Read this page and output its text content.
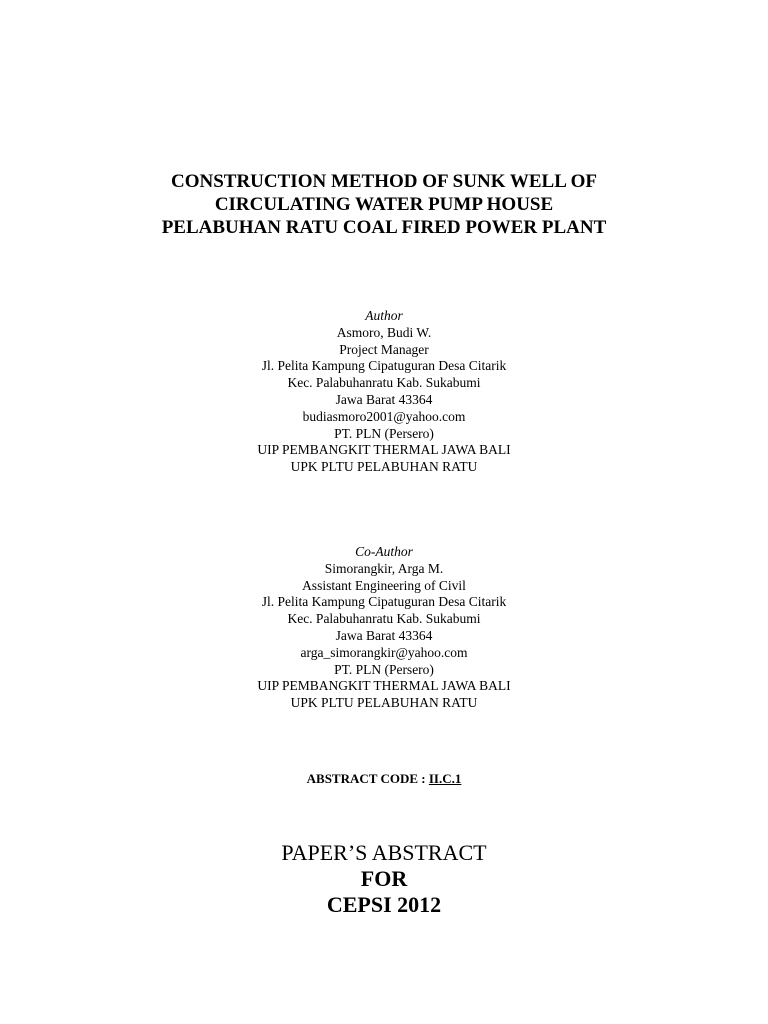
CONSTRUCTION METHOD OF SUNK WELL OF
CIRCULATING WATER PUMP HOUSE
PELABUHAN RATU COAL FIRED POWER PLANT
Author
Asmoro, Budi W.
Project Manager
Jl. Pelita Kampung Cipatuguran Desa Citarik
Kec. Palabuhanratu Kab. Sukabumi
Jawa Barat 43364
budiasmoro2001@yahoo.com
PT. PLN (Persero)
UIP PEMBANGKIT THERMAL JAWA BALI
UPK PLTU PELABUHAN RATU
Co-Author
Simorangkir, Arga M.
Assistant Engineering of Civil
Jl. Pelita Kampung Cipatuguran Desa Citarik
Kec. Palabuhanratu Kab. Sukabumi
Jawa Barat 43364
arga_simorangkir@yahoo.com
PT. PLN (Persero)
UIP PEMBANGKIT THERMAL JAWA BALI
UPK PLTU PELABUHAN RATU
ABSTRACT CODE : II.C.1
PAPER’S ABSTRACT
FOR
CEPSI 2012
